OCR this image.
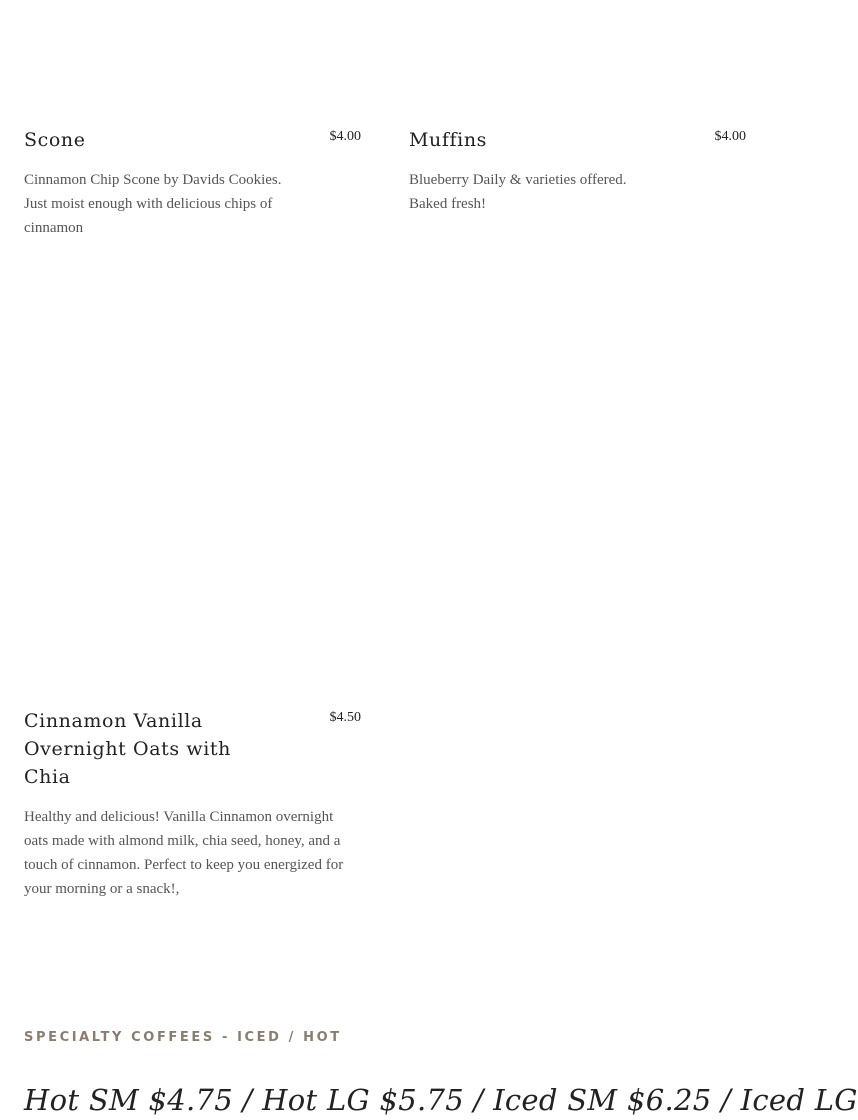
Scone	$4.00

Cinnamon Chip Scone by Davids Cookies. Just moist enough with delicious chips of cinnamon

Muffins	$4.00

Blueberry Daily & varieties offered. Baked fresh!

Cinnamon Vanilla Overnight Oats with Chia
$4.50

Healthy and delicious! Vanilla Cinnamon overnight oats made with almond milk, chia seed, honey, and a touch of cinnamon. Perfect to keep you energized for your morning or a snack!,

SPECIALTY COFFEES - ICED / HOT
Hot SM $4.75 / Hot LG $5.75 / Iced SM $6.25 / Iced LG
